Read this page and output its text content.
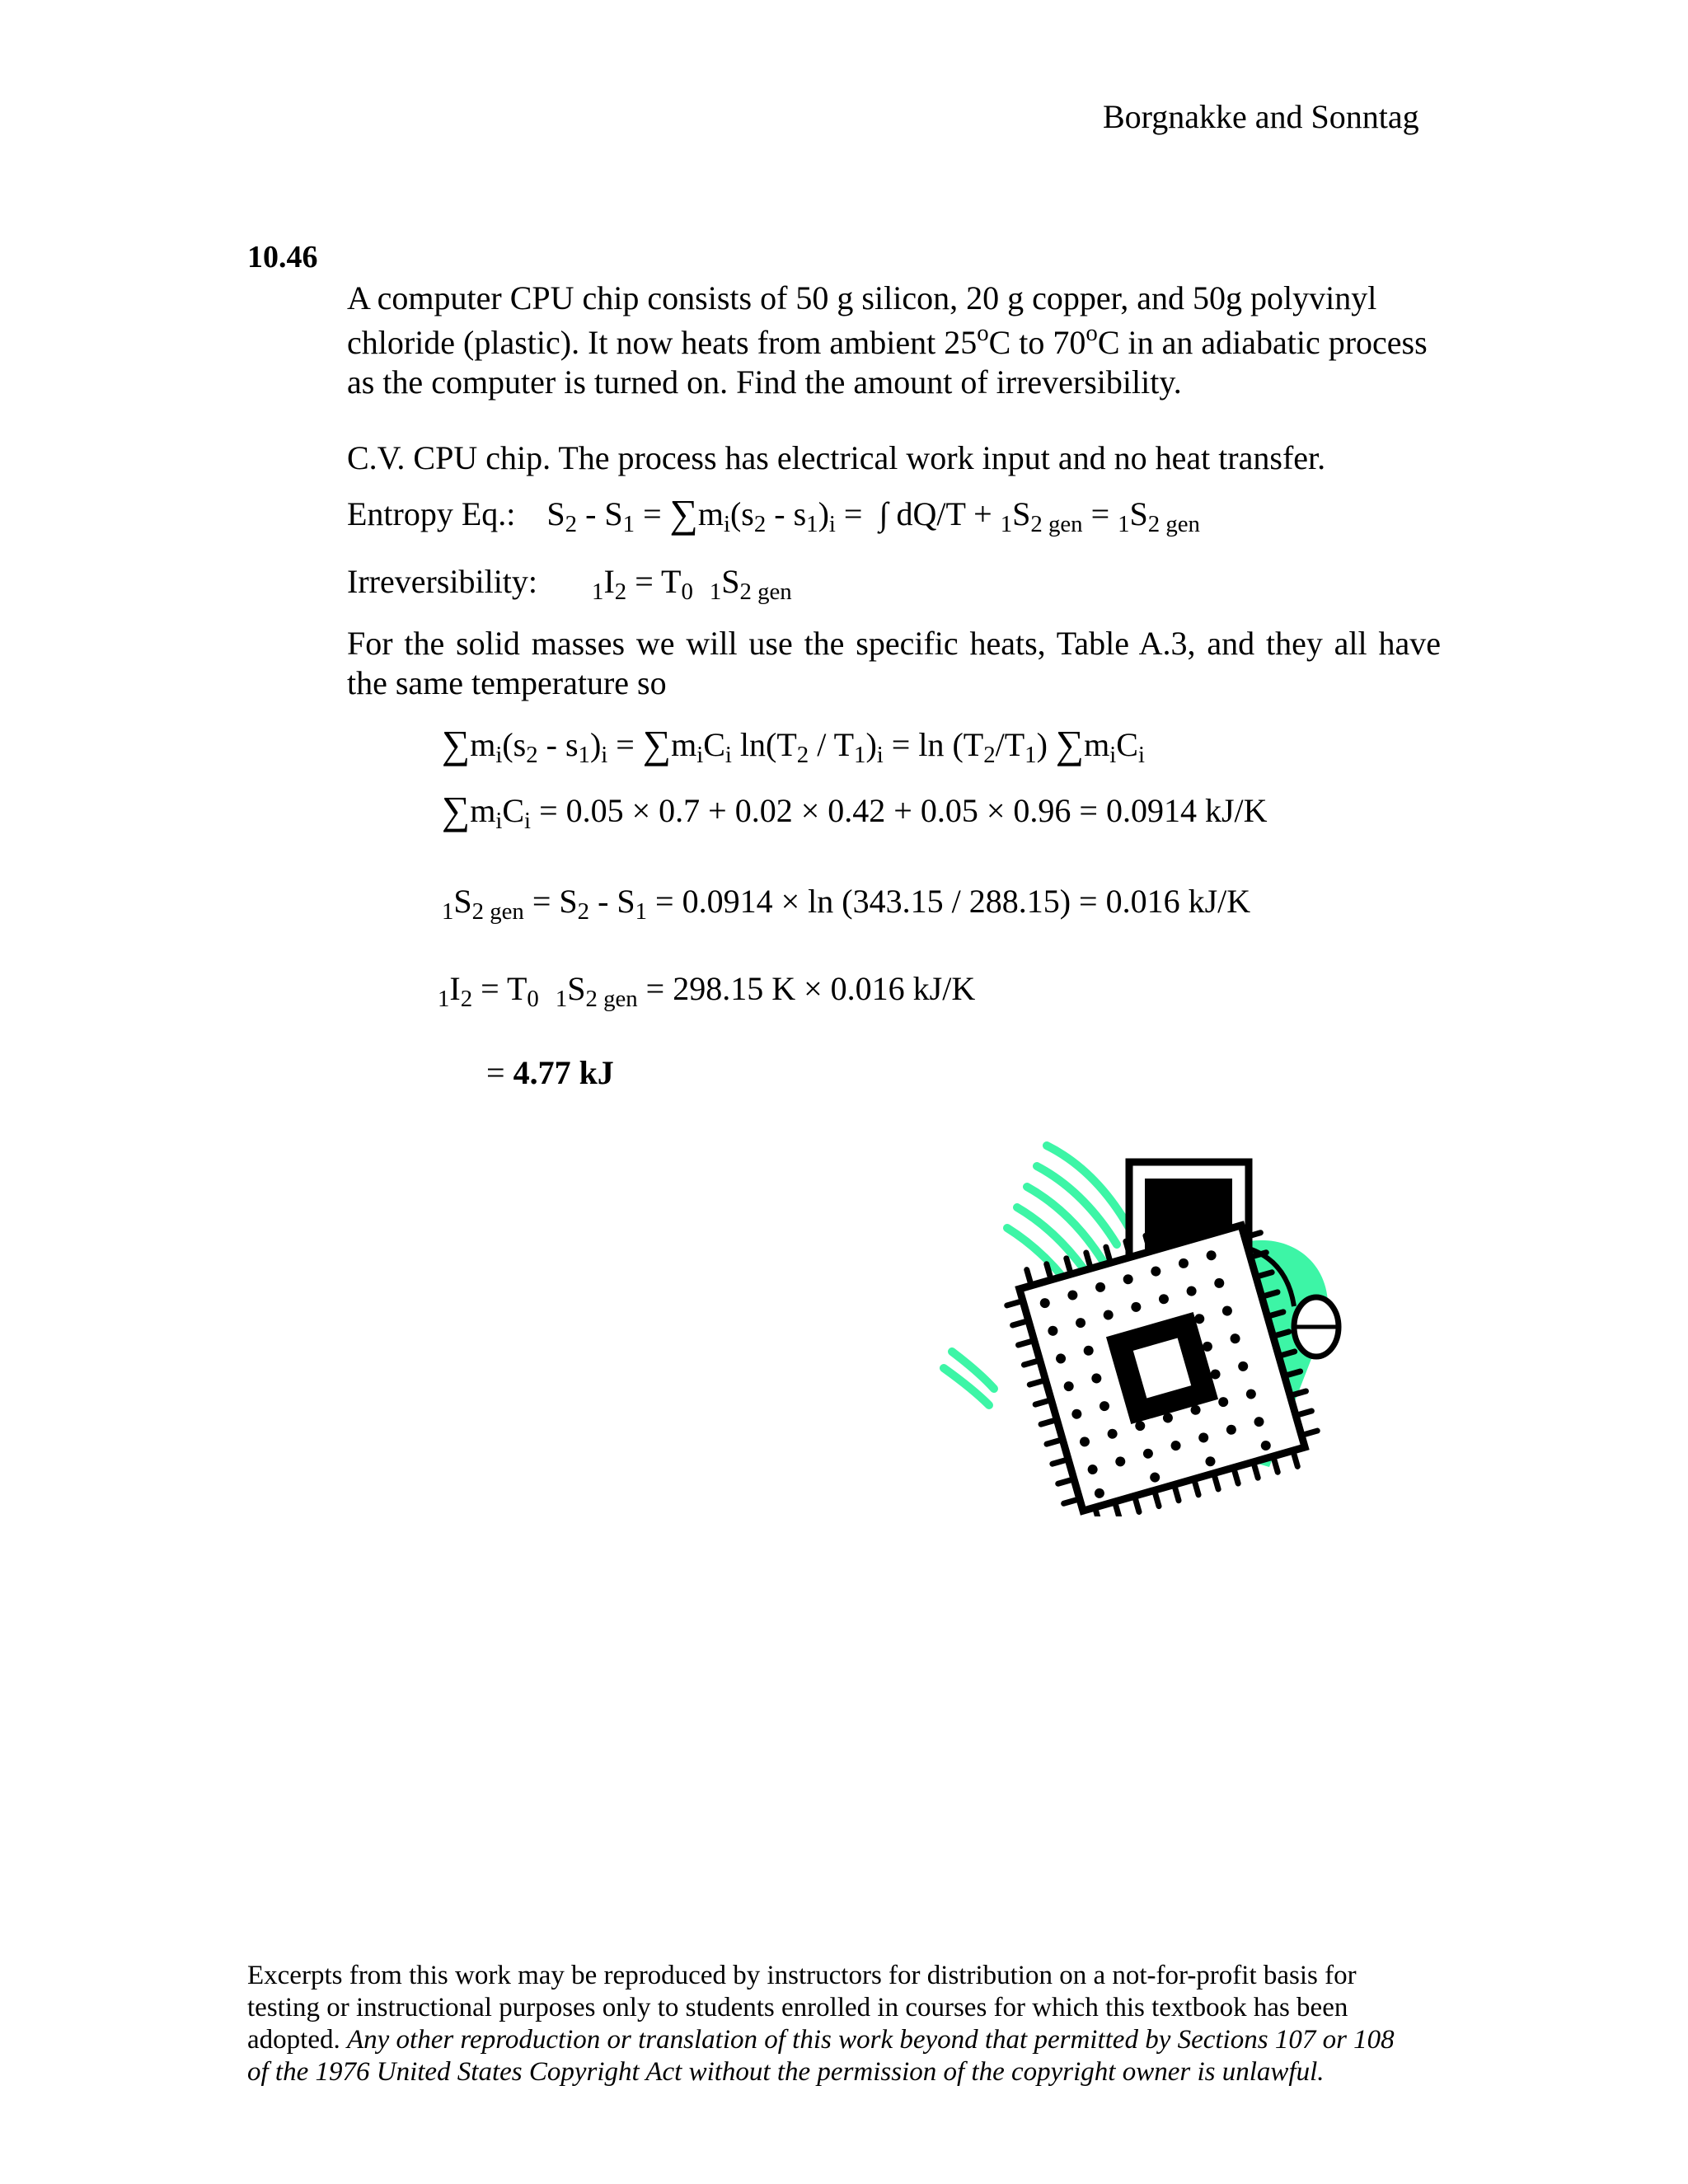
Borgnakke and Sonntag
10.46
A computer CPU chip consists of 50 g silicon, 20 g copper, and 50g polyvinyl
chloride (plastic). It now heats from ambient 25$^o$C to 70$^o$C in an adiabatic process
as the computer is turned on. Find the amount of irreversibility.
C.V. CPU chip. The process has electrical work input and no heat transfer.
Entropy Eq.: $S_2 - S_1 = \sum m_i(s_2 - s_1)_i$ =  ∫ $dQ/T + _1S_{2 gen} = _1S_{2 gen}$
Irreversibility: $_1I_2 = T_0$ $_1S_{2 gen}$
For the solid masses we will use the specific heats, Table A.3, and they all have
the same temperature so
$\sum m_i(s_2 - s_1)_i = \sum m_iC_i$ $\ln(T_2 / T_1)_i = \ln (T_2/T_1)$ $\sum m_iC_i$
$\sum m_iC_i = 0.05 \times 0.7 + 0.02 \times 0.42 + 0.05 \times 0.96 = 0.0914$ kJ/K
$_1S_{2 gen} = S_2 - S_1 = 0.0914 \times \ln (343.15 / 288.15) = 0.016$ kJ/K
$_1I_2 = T_0$ $_1S_{2 gen} = 298.15$ K × 0.016 kJ/K
= 4.77 kJ
Excerpts from this work may be reproduced by instructors for distribution on a not-for-profit basis for
testing or instructional purposes only to students enrolled in courses for which this textbook has been
adopted. Any other reproduction or translation of this work beyond that permitted by Sections 107 or 108
of the 1976 United States Copyright Act without the permission of the copyright owner is unlawful.
